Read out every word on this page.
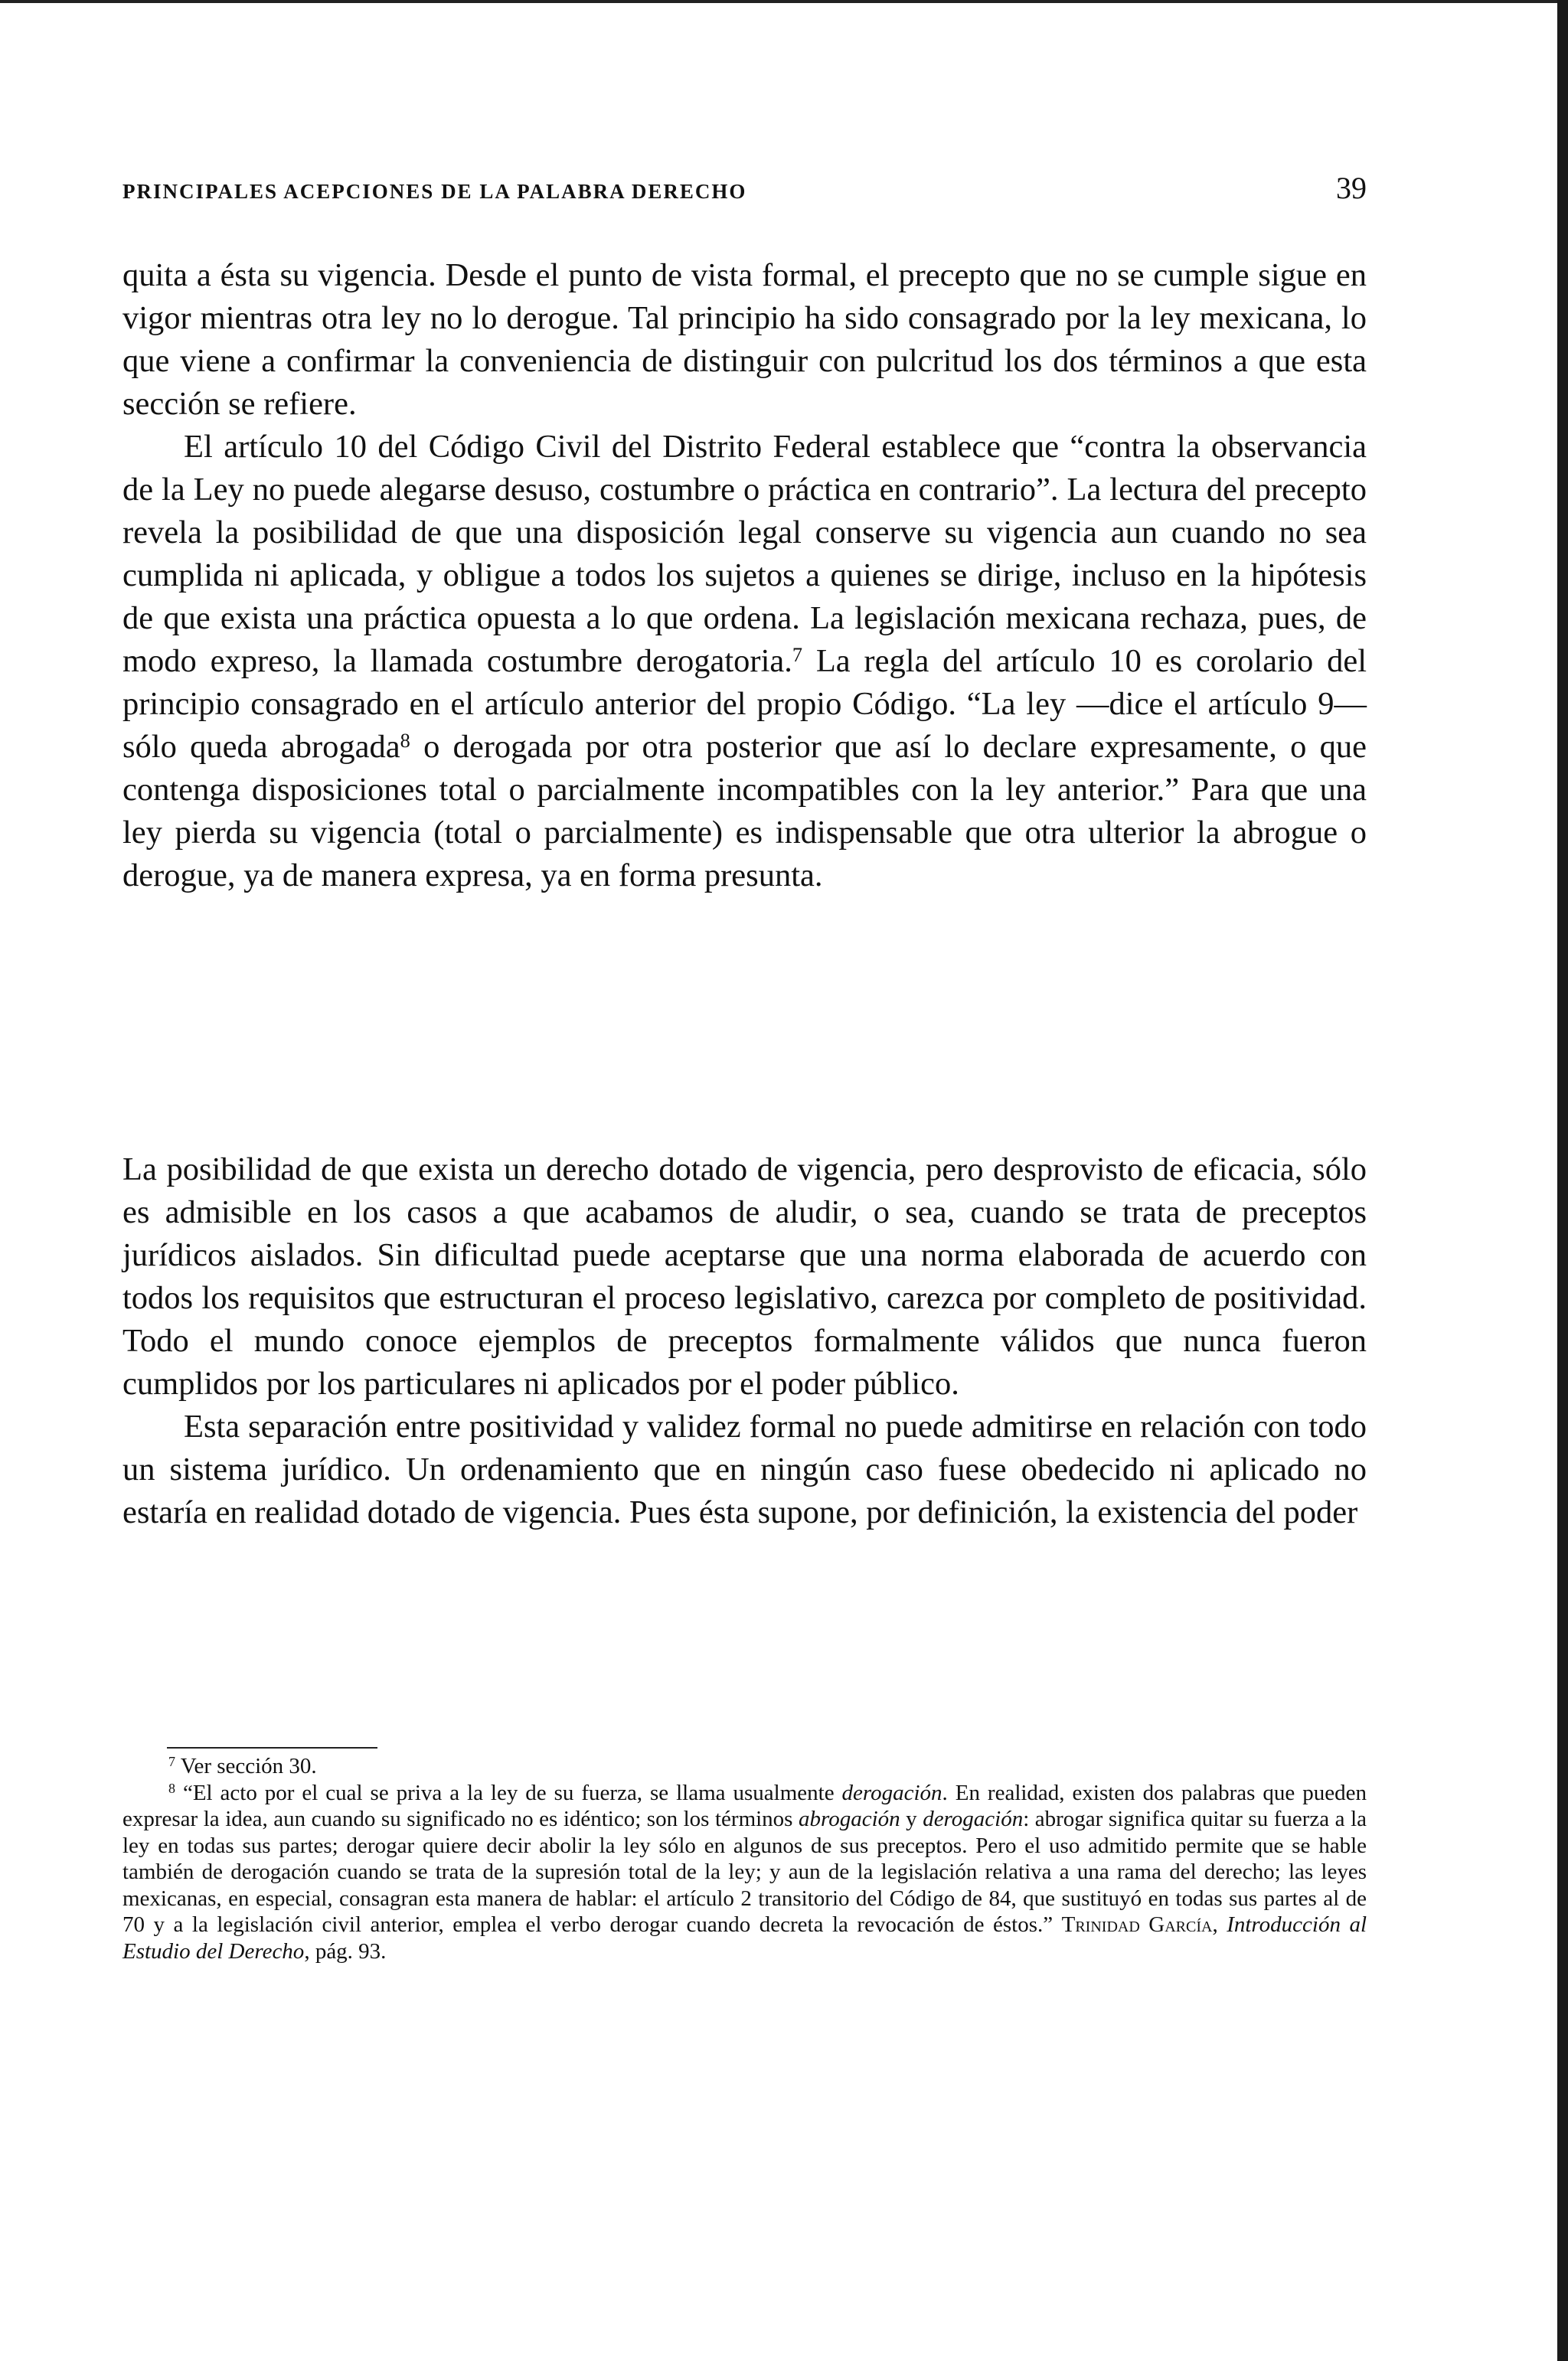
PRINCIPALES ACEPCIONES DE LA PALABRA DERECHO	39

quita a ésta su vigencia. Desde el punto de vista formal, el precepto que no se cumple sigue en vigor mientras otra ley no lo derogue. Tal principio ha sido consagrado por la ley mexicana, lo que viene a confirmar la conveniencia de distinguir con pulcritud los dos términos a que esta sección se refiere.

El artículo 10 del Código Civil del Distrito Federal establece que “contra la observancia de la Ley no puede alegarse desuso, costumbre o práctica en contrario”. La lectura del precepto revela la posibilidad de que una disposición legal conserve su vigencia aun cuando no sea cumplida ni aplicada, y obligue a todos los sujetos a quienes se dirige, incluso en la hipótesis de que exista una práctica opuesta a lo que ordena. La legislación mexicana rechaza, pues, de modo expreso, la llamada costumbre derogatoria.$^7$ La regla del artículo 10 es corolario del principio consagrado en el artículo anterior del propio Código. “La ley —dice el artículo 9— sólo queda abrogada$^8$ o derogada por otra posterior que así lo declare expresamente, o que contenga disposiciones total o parcialmente incompatibles con la ley anterior.” Para que una ley pierda su vigencia (total o parcialmente) es indispensable que otra ulterior la abrogue o derogue, ya de manera expresa, ya en forma presunta.

La posibilidad de que exista un derecho dotado de vigencia, pero desprovisto de eficacia, sólo es admisible en los casos a que acabamos de aludir, o sea, cuando se trata de preceptos jurídicos aislados. Sin dificultad puede aceptarse que una norma elaborada de acuerdo con todos los requisitos que estructuran el proceso legislativo, carezca por completo de positividad. Todo el mundo conoce ejemplos de preceptos formalmente válidos que nunca fueron cumplidos por los particulares ni aplicados por el poder público.

Esta separación entre positividad y validez formal no puede admitirse en relación con todo un sistema jurídico. Un ordenamiento que en ningún caso fuese obedecido ni aplicado no estaría en realidad dotado de vigencia. Pues ésta supone, por definición, la existencia del poder

$^7$ Ver sección 30.

$^8$ “El acto por el cual se priva a la ley de su fuerza, se llama usualmente derogación. En realidad, existen dos palabras que pueden expresar la idea, aun cuando su significado no es idéntico; son los términos abrogación y derogación: abrogar significa quitar su fuerza a la ley en todas sus partes; derogar quiere decir abolir la ley sólo en algunos de sus preceptos. Pero el uso admitido permite que se hable también de derogación cuando se trata de la supresión total de la ley; y aun de la legislación relativa a una rama del derecho; las leyes mexicanas, en especial, consagran esta manera de hablar: el artículo 2 transitorio del Código de 84, que sustituyó en todas sus partes al de 70 y a la legislación civil anterior, emplea el verbo derogar cuando decreta la revocación de éstos.” Trinidad García, Introducción al Estudio del Derecho, pág. 93.
